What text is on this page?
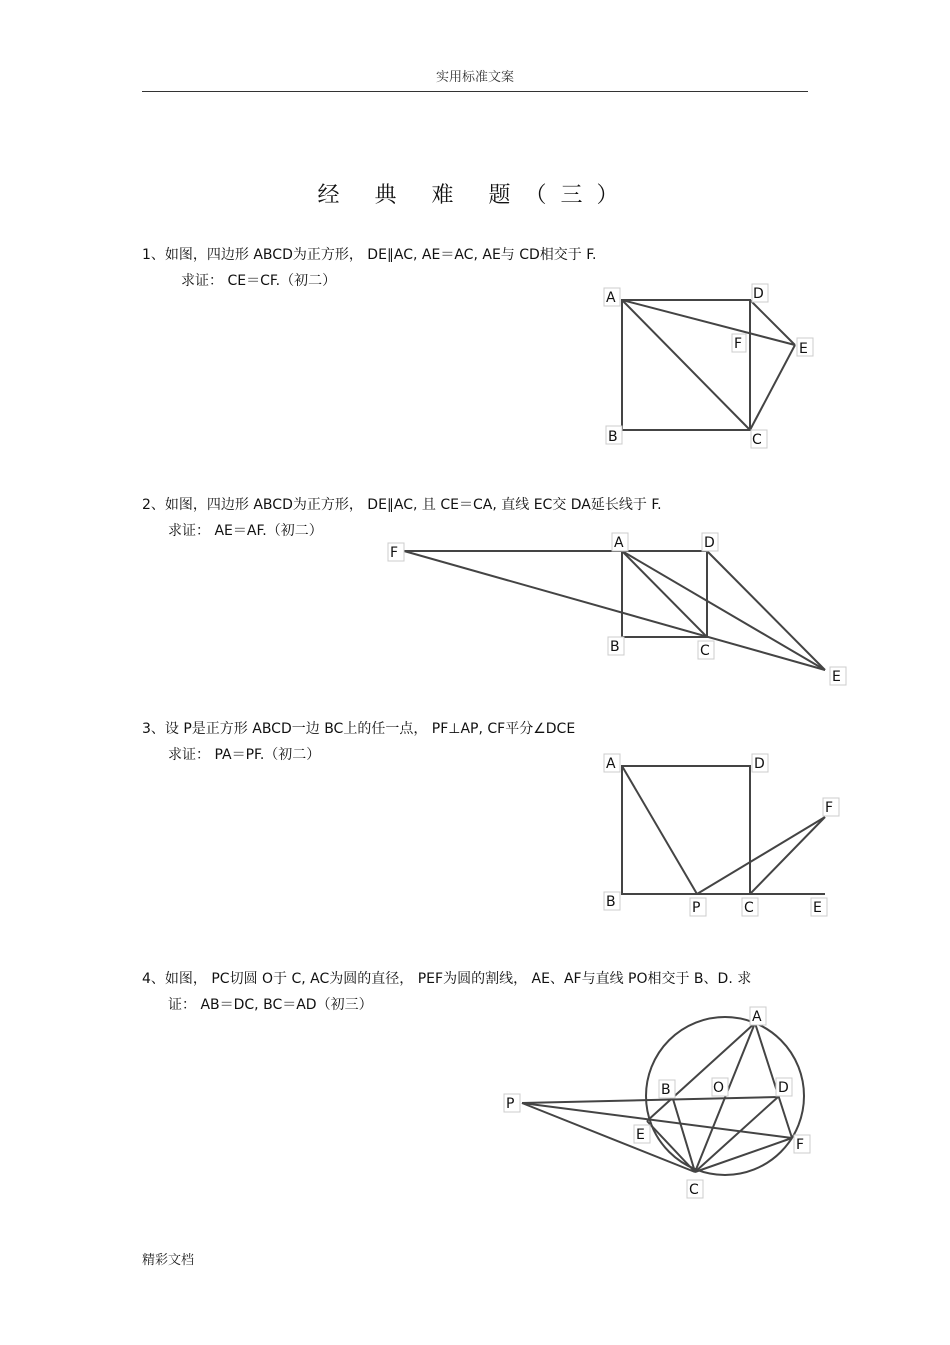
实用标准文案
经 典 难 题（三）
1、如图，四边形 ABCD为正方形， DE∥AC, AE＝AC, AE与 CD相交于 F.
求证： CE＝CF.（初二）
2、如图，四边形 ABCD为正方形， DE∥AC, 且 CE＝CA, 直线 EC交 DA延长线于 F.
求证： AE＝AF.（初二）
3、设 P是正方形 ABCD一边 BC上的任一点， PF⊥AP, CF平分∠DCE
求证： PA＝PF.（初二）
4、如图， PC切圆 O于 C, AC为圆的直径， PEF为圆的割线， AE、AF与直线 PO相交于 B、D. 求
证： AB＝DC, BC＝AD（初三）
A	D
F	E
B	C
F
A	D
B	C
E
A	D
F
B	P	C	E
A
B	O	D
P
E
F
C
精彩文档
